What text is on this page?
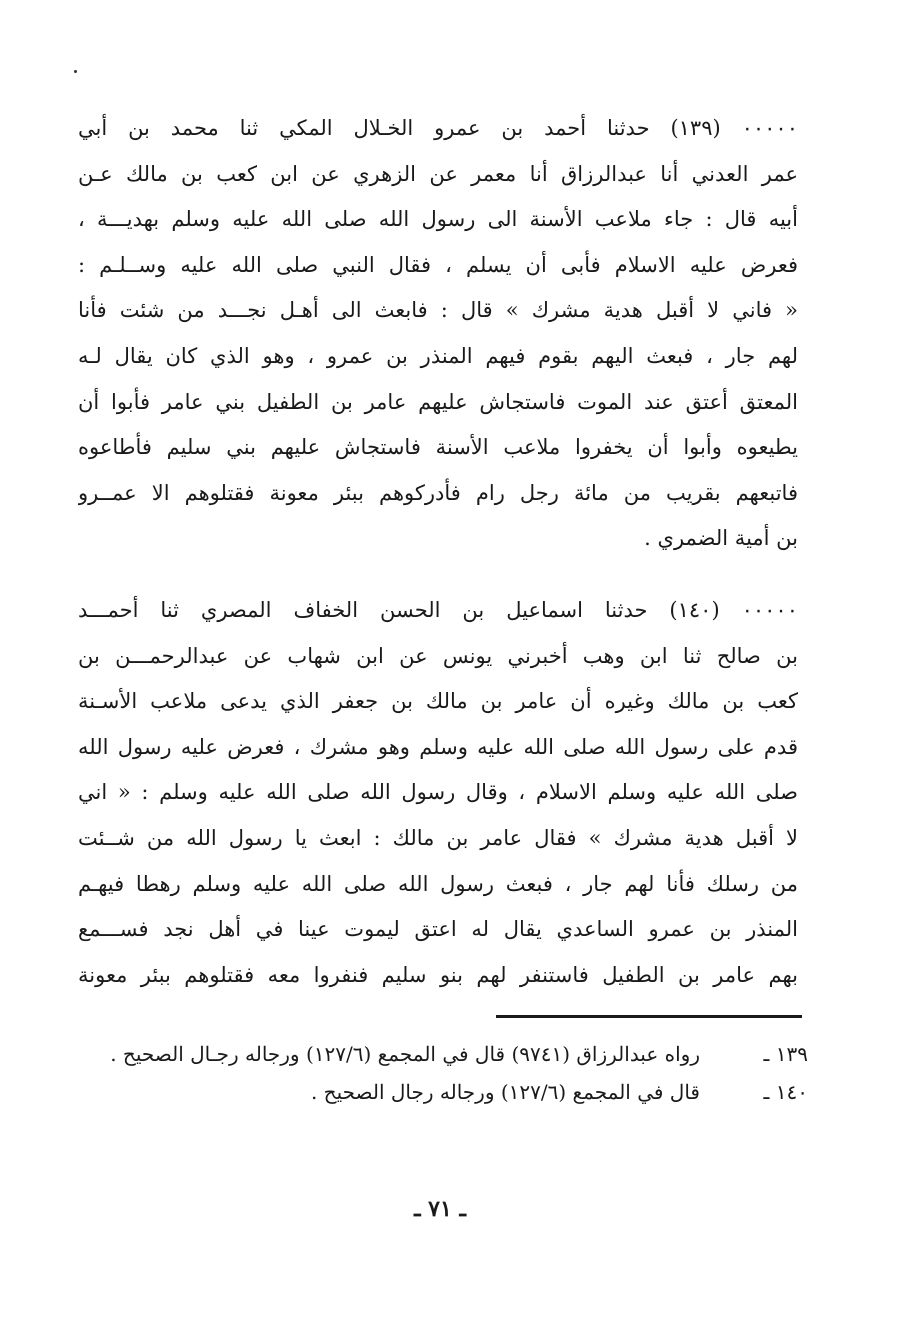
٠٠٠٠٠ (١٣٩) حدثنا أحمد بن عمرو الخـلال المكي ثنا محمد بن أبي
عمر العدني أنا عبدالرزاق أنا معمر عن الزهري عن ابن كعب بن مالك عـن
أبيه قال : جاء ملاعب الأسنة الى رسول الله صلى الله عليه وسلم بهديـــة ،
فعرض عليه الاسلام فأبى أن يسلم ، فقال النبي صلى الله عليه وســلـم :
« فاني لا أقبل هدية مشرك » قال : فابعث الى أهـل نجـــد من شئت فأنا
لهم جار ، فبعث اليهم بقوم فيهم المنذر بن عمرو ، وهو الذي كان يقال لـه
المعتق أعتق عند الموت فاستجاش عليهم عامر بن الطفيل بني عامر فأبوا أن
يطيعوه وأبوا أن يخفروا ملاعب الأسنة فاستجاش عليهم بني سليم فأطاعوه
فاتبعهم بقريب من مائة رجل رام فأدركوهم ببئر معونة فقتلوهم الا عمــرو
بن أمية الضمري .
٠٠٠٠٠ (١٤٠) حدثنا اسماعيل بن الحسن الخفاف المصري ثنا أحمـــد
بن صالح ثنا ابن وهب أخبرني يونس عن ابن شهاب عن عبدالرحمـــن بن
كعب بن مالك وغيره أن عامر بن مالك بن جعفر الذي يدعى ملاعب الأسـنة
قدم على رسول الله صلى الله عليه وسلم وهو مشرك ، فعرض عليه رسول الله
صلى الله عليه وسلم الاسلام ، وقال رسول الله صلى الله عليه وسلم : « اني
لا أقبل هدية مشرك » فقال عامر بن مالك : ابعث يا رسول الله من شــئت
من رسلك فأنا لهم جار ، فبعث رسول الله صلى الله عليه وسلم رهطا فيهـم
المنذر بن عمرو الساعدي يقال له اعتق ليموت عينا في أهل نجد فســـمع
بهم عامر بن الطفيل فاستنفر لهم بنو سليم فنفروا معه فقتلوهم ببئر معونة
١٣٩ ـ
رواه عبدالرزاق (٩٧٤١) قال في المجمع (١٢٧/٦) ورجاله رجـال الصحيح .
١٤٠ ـ
قال في المجمع (١٢٧/٦) ورجاله رجال الصحيح .
ـ ٧١ ـ
